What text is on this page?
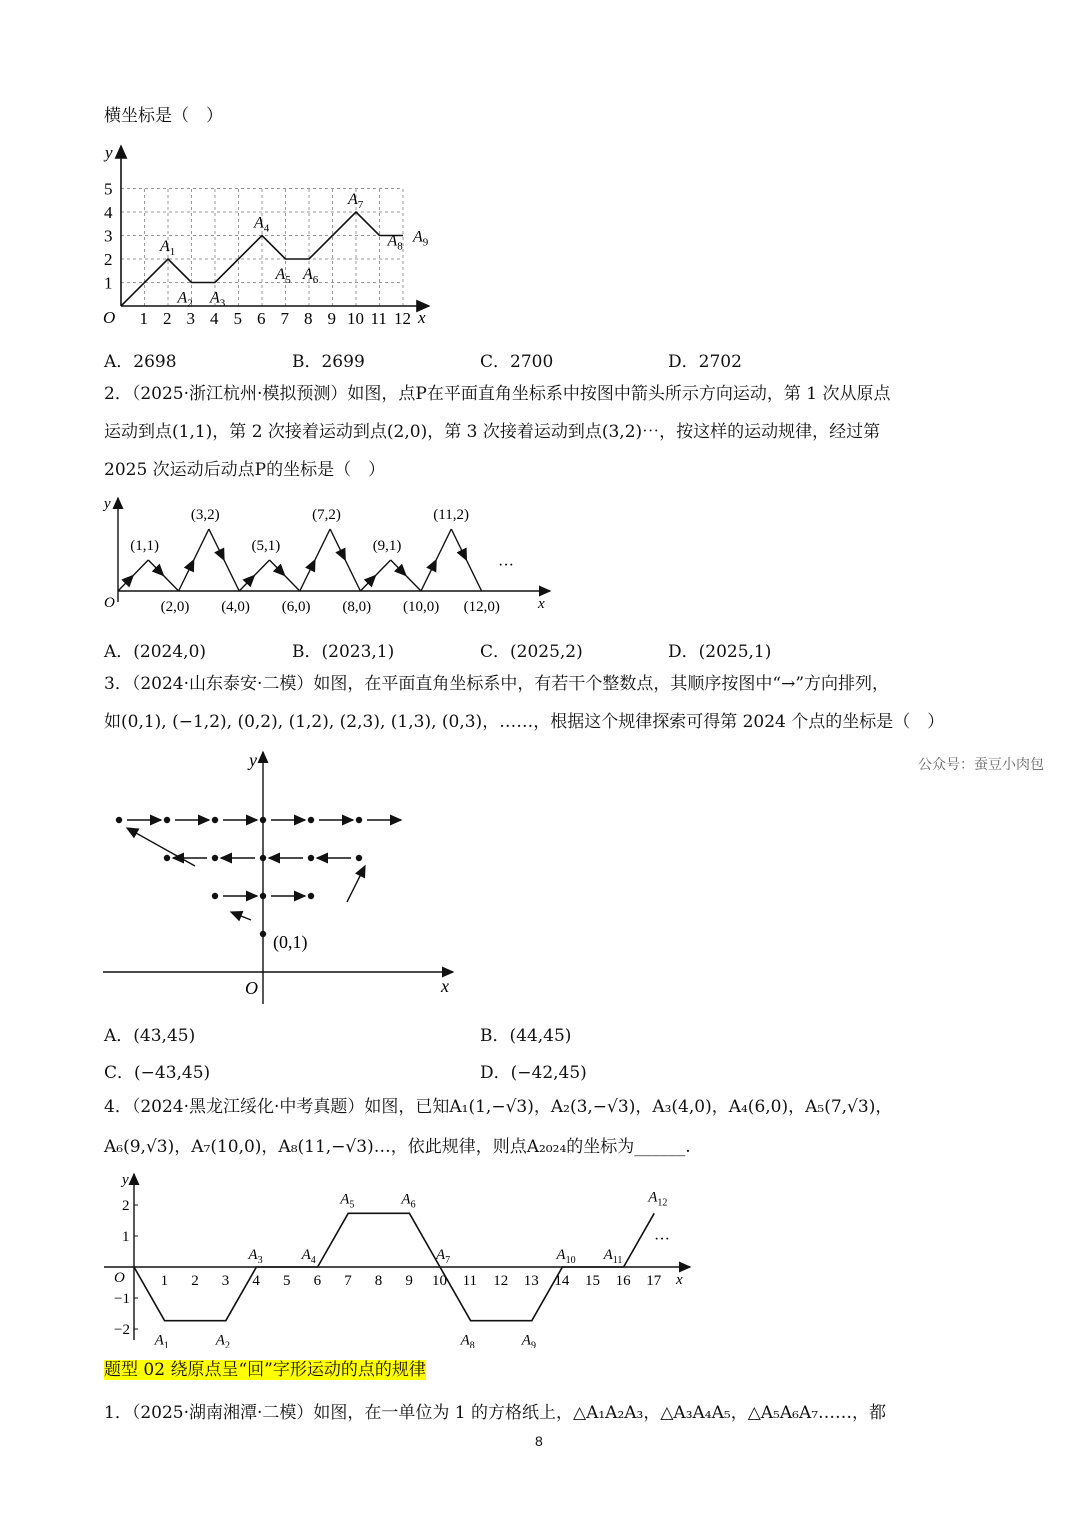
横坐标是（　）
1 2 3 4 5 6 7 8 9 10 11 12
1
2
3
4
5
$A_1$
$A_2$ $A_3$
$A_4$
$A_5$ $A_6$
$A_7$
$A_8$
$A_9$
O	x
y
A．2698	B．2699	C．2700	D．2702
2．（2025·浙江杭州·模拟预测）如图，点P在平面直角坐标系中按图中箭头所示方向运动，第 1 次从原点
运动到点(1,1)，第 2 次接着运动到点(2,0)，第 3 次接着运动到点(3,2)⋯，按这样的运动规律，经过第
2025 次运动后动点P的坐标是（　）
(1,1)
(3,2)
(5,1)
(7,2)
(9,1)
(11,2)
(2,0) (4,0) (6,0) (8,0) (10,0) (12,0)
O	x
y
···
A．(2024,0)	B．(2023,1)	C．(2025,2)	D．(2025,1)
3．（2024·山东泰安·二模）如图，在平面直角坐标系中，有若干个整数点，其顺序按图中“→”方向排列，
如(0,1), (−1,2), (0,2), (1,2), (2,3), (1,3), (0,3)，……，根据这个规律探索可得第 2024 个点的坐标是（　）
公众号：蚕豆小肉包
(0,1)
O	x
y
A．(43,45)	B．(44,45)
C．(−43,45)	D．(−42,45)
4．（2024·黑龙江绥化·中考真题）如图，已知A₁(1,−√3)，A₂(3,−√3)，A₃(4,0)，A₄(6,0)，A₅(7,√3)，
A₆(9,√3)，A₇(10,0)，A₈(11,−√3)…，依此规律，则点A₂₀₂₄的坐标为______.
1 2 3 4 5 6 7 8 9 10 11 12 13 14 15 16 17
2
1
−1
−2
$A_1$	$A_2$
$A_3$	$A_4$
$A_5$	$A_6$
$A_7$
$A_8$	$A_9$
$A_{10}$ $A_{11}$
$A_{12}$
O	x
y
···
题型 02 绕原点呈“回”字形运动的点的规律
1．（2025·湖南湘潭·二模）如图，在一单位为 1 的方格纸上，△A₁A₂A₃，△A₃A₄A₅，△A₅A₆A₇……，都
8
